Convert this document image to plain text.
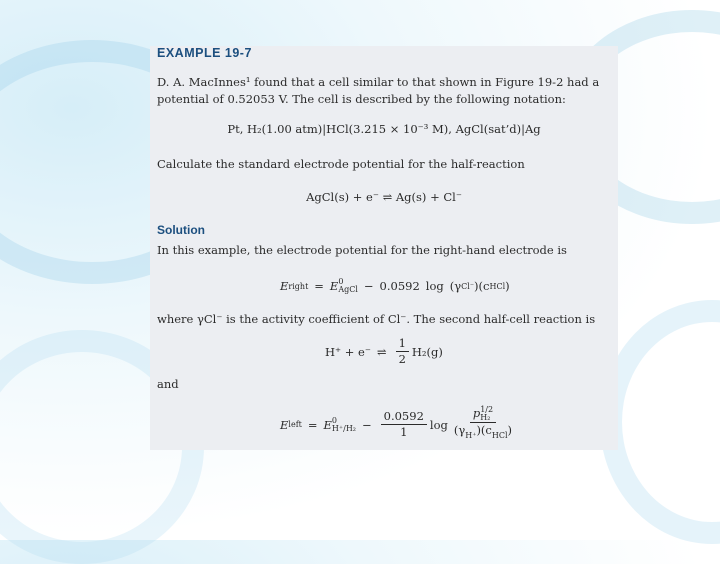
EXAMPLE 19-7
D. A. MacInnes¹ found that a cell similar to that shown in Figure 19-2 had a potential of 0.52053 V. The cell is described by the following notation:
Pt, H₂(1.00 atm)|HCl(3.215 × 10⁻³ M), AgCl(sat’d)|Ag
Calculate the standard electrode potential for the half-reaction
AgCl(s) + e⁻ ⇌ Ag(s) + Cl⁻
Solution
In this example, the electrode potential for the right-hand electrode is
E right = E 0
AgCl − 0.0592 log (γ Cl⁻ )(c HCl )
where γCl⁻ is the activity coefficient of Cl⁻. The second half-cell reaction is
H⁺ + e⁻ ⇌ $\frac{1}{2} H_2(g)$
and
E left = E 0
$H^+/H_2 - \frac{0.0592}{1}$ log p 1/2
H₂
$(\gamma_{H^+})(c_{HCl})$
